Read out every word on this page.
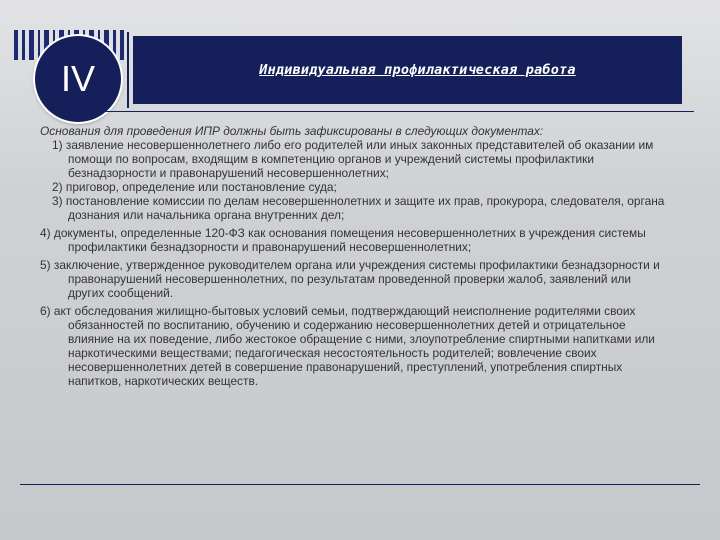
IV	Индивидуальная профилактическая работа

Основания для проведения ИПР должны быть зафиксированы в следующих документах:

1) заявление несовершеннолетнего либо его родителей или иных законных представителей об оказании им помощи по вопросам, входящим в компетенцию органов и учреждений системы профилактики безнадзорности и правонарушений несовершеннолетних;

2) приговор, определение или постановление суда;

3) постановление комиссии по делам несовершеннолетних и защите их прав, прокурора, следователя, органа дознания или начальника органа внутренних дел;

4) документы, определенные 120-ФЗ как основания помещения несовершеннолетних в учреждения системы профилактики безнадзорности и правонарушений несовершеннолетних;

5) заключение, утвержденное руководителем органа или учреждения системы профилактики безнадзорности и правонарушений несовершеннолетних, по результатам проведенной проверки жалоб, заявлений или других сообщений.

6) акт обследования жилищно-бытовых условий семьи, подтверждающий неисполнение родителями своих обязанностей по воспитанию, обучению и содержанию несовершеннолетних детей и отрицательное влияние на их поведение, либо жестокое обращение с ними, злоупотребление спиртными напитками или наркотическими веществами; педагогическая несостоятельность родителей; вовлечение своих несовершеннолетних детей в совершение правонарушений, преступлений, употребления спиртных напитков, наркотических веществ.
